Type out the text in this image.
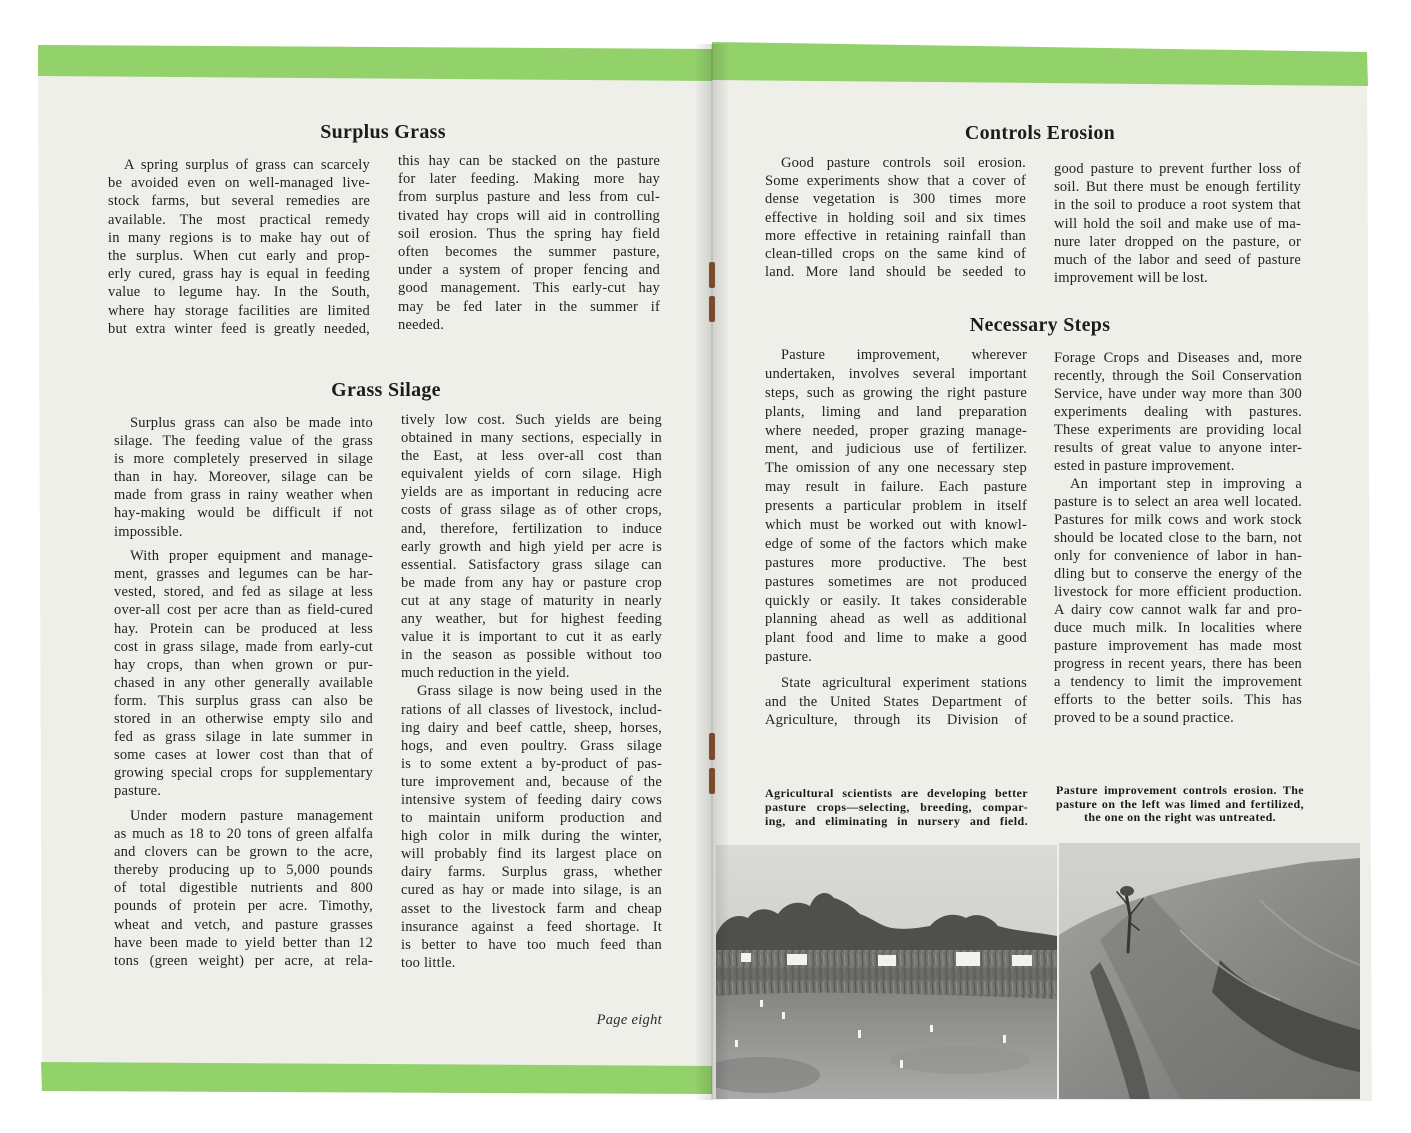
Surplus Grass
A spring surplus of grass can scarcely
be avoided even on well-managed live-
stock farms, but several remedies are
available. The most practical remedy
in many regions is to make hay out of
the surplus. When cut early and prop-
erly cured, grass hay is equal in feeding
value to legume hay. In the South,
where hay storage facilities are limited
but extra winter feed is greatly needed,
this hay can be stacked on the pasture
for later feeding. Making more hay
from surplus pasture and less from cul-
tivated hay crops will aid in controlling
soil erosion. Thus the spring hay field
often becomes the summer pasture,
under a system of proper fencing and
good management. This early-cut hay
may be fed later in the summer if
needed.
Grass Silage
Surplus grass can also be made into
silage. The feeding value of the grass
is more completely preserved in silage
than in hay. Moreover, silage can be
made from grass in rainy weather when
hay-making would be difficult if not
impossible.
With proper equipment and manage-
ment, grasses and legumes can be har-
vested, stored, and fed as silage at less
over-all cost per acre than as field-cured
hay. Protein can be produced at less
cost in grass silage, made from early-cut
hay crops, than when grown or pur-
chased in any other generally available
form. This surplus grass can also be
stored in an otherwise empty silo and
fed as grass silage in late summer in
some cases at lower cost than that of
growing special crops for supplementary
pasture.
Under modern pasture management
as much as 18 to 20 tons of green alfalfa
and clovers can be grown to the acre,
thereby producing up to 5,000 pounds
of total digestible nutrients and 800
pounds of protein per acre. Timothy,
wheat and vetch, and pasture grasses
have been made to yield better than 12
tons (green weight) per acre, at rela-
tively low cost. Such yields are being
obtained in many sections, especially in
the East, at less over-all cost than
equivalent yields of corn silage. High
yields are as important in reducing acre
costs of grass silage as of other crops,
and, therefore, fertilization to induce
early growth and high yield per acre is
essential. Satisfactory grass silage can
be made from any hay or pasture crop
cut at any stage of maturity in nearly
any weather, but for highest feeding
value it is important to cut it as early
in the season as possible without too
much reduction in the yield.
Grass silage is now being used in the
rations of all classes of livestock, includ-
ing dairy and beef cattle, sheep, horses,
hogs, and even poultry. Grass silage
is to some extent a by-product of pas-
ture improvement and, because of the
intensive system of feeding dairy cows
to maintain uniform production and
high color in milk during the winter,
will probably find its largest place on
dairy farms. Surplus grass, whether
cured as hay or made into silage, is an
asset to the livestock farm and cheap
insurance against a feed shortage. It
is better to have too much feed than
too little.
Page eight
Controls Erosion
Good pasture controls soil erosion.
Some experiments show that a cover of
dense vegetation is 300 times more
effective in holding soil and six times
more effective in retaining rainfall than
clean-tilled crops on the same kind of
land. More land should be seeded to
good pasture to prevent further loss of
soil. But there must be enough fertility
in the soil to produce a root system that
will hold the soil and make use of ma-
nure later dropped on the pasture, or
much of the labor and seed of pasture
improvement will be lost.
Necessary Steps
Pasture improvement, wherever
undertaken, involves several important
steps, such as growing the right pasture
plants, liming and land preparation
where needed, proper grazing manage-
ment, and judicious use of fertilizer.
The omission of any one necessary step
may result in failure. Each pasture
presents a particular problem in itself
which must be worked out with knowl-
edge of some of the factors which make
pastures more productive. The best
pastures sometimes are not produced
quickly or easily. It takes considerable
planning ahead as well as additional
plant food and lime to make a good
pasture.
State agricultural experiment stations
and the United States Department of
Agriculture, through its Division of
Forage Crops and Diseases and, more
recently, through the Soil Conservation
Service, have under way more than 300
experiments dealing with pastures.
These experiments are providing local
results of great value to anyone inter-
ested in pasture improvement.
An important step in improving a
pasture is to select an area well located.
Pastures for milk cows and work stock
should be located close to the barn, not
only for convenience of labor in han-
dling but to conserve the energy of the
livestock for more efficient production.
A dairy cow cannot walk far and pro-
duce much milk. In localities where
pasture improvement has made most
progress in recent years, there has been
a tendency to limit the improvement
efforts to the better soils. This has
proved to be a sound practice.
Agricultural scientists are developing better
pasture crops—selecting, breeding, compar-
ing, and eliminating in nursery and field.
Pasture improvement controls erosion. The
pasture on the left was limed and fertilized,
the one on the right was untreated.
